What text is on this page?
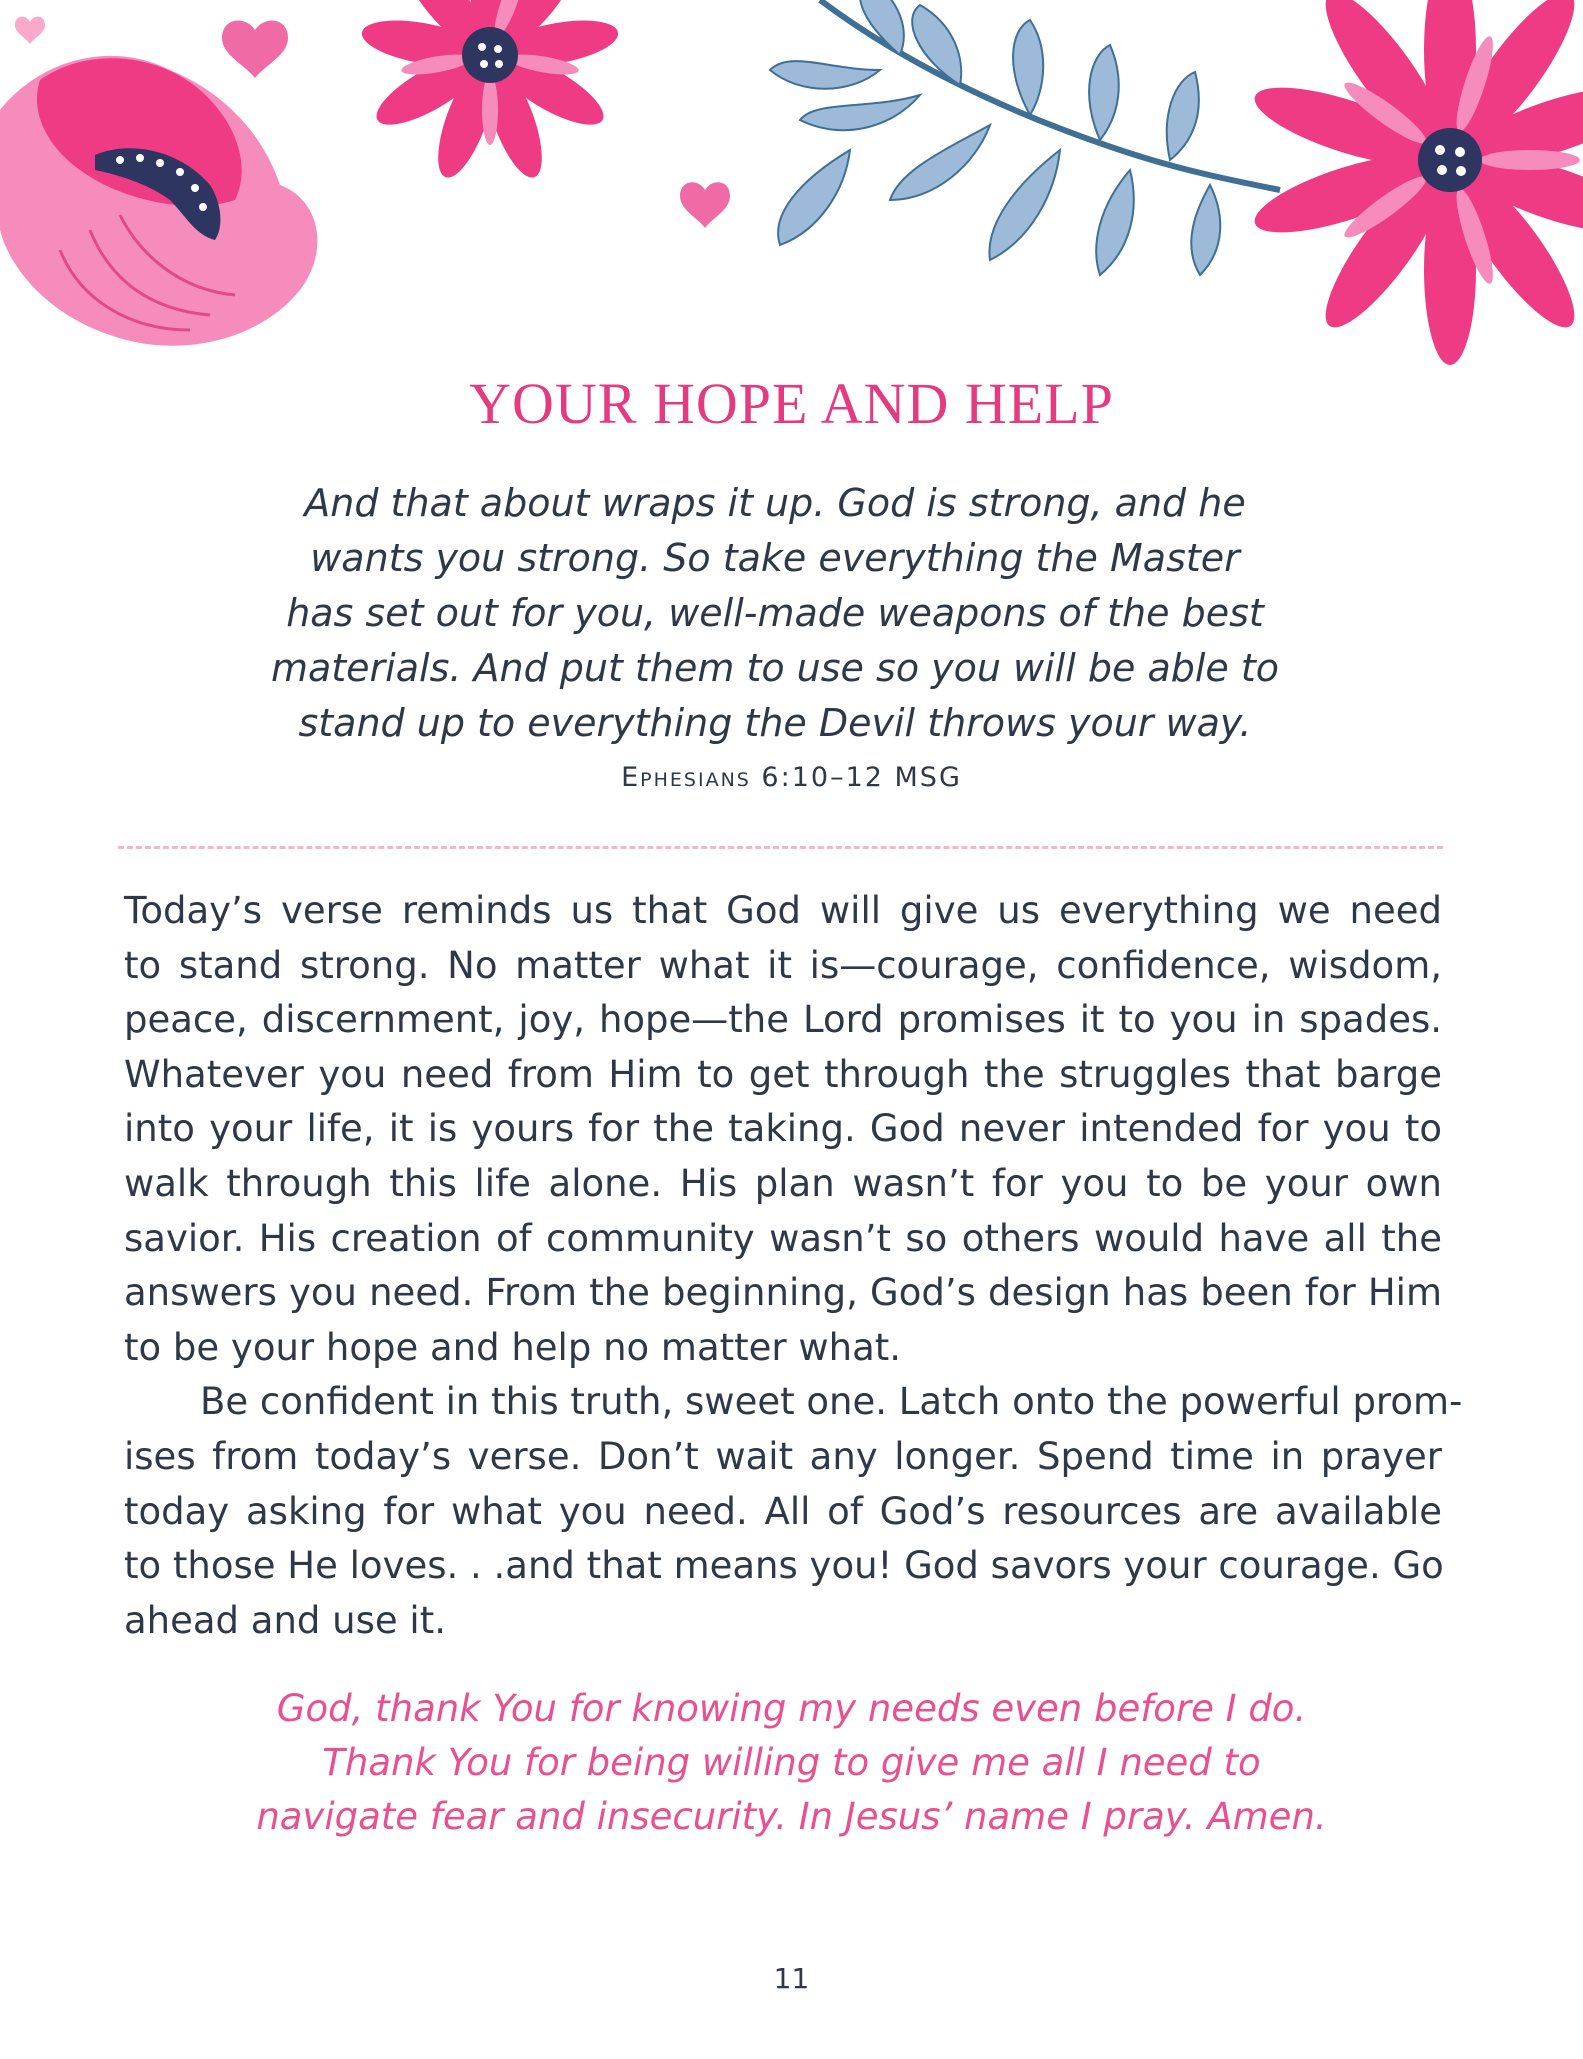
YOUR HOPE AND HELP

And that about wraps it up. God is strong, and he
wants you strong. So take everything the Master
has set out for you, well-made weapons of the best
materials. And put them to use so you will be able to
stand up to everything the Devil throws your way.

Ephesians 6:10–12 MSG
Today’s verse reminds us that God will give us everything we need
to stand strong. No matter what it is—courage, confidence, wisdom,
peace, discernment, joy, hope—the Lord promises it to you in spades.
Whatever you need from Him to get through the struggles that barge
into your life, it is yours for the taking. God never intended for you to
walk through this life alone. His plan wasn’t for you to be your own
savior. His creation of community wasn’t so others would have all the
answers you need. From the beginning, God’s design has been for Him
to be your hope and help no matter what.
Be confident in this truth, sweet one. Latch onto the powerful prom-
ises from today’s verse. Don’t wait any longer. Spend time in prayer
today asking for what you need. All of God’s resources are available
to those He loves. . .and that means you! God savors your courage. Go
ahead and use it.

God, thank You for knowing my needs even before I do.
Thank You for being willing to give me all I need to
navigate fear and insecurity. In Jesus’ name I pray. Amen.

11
